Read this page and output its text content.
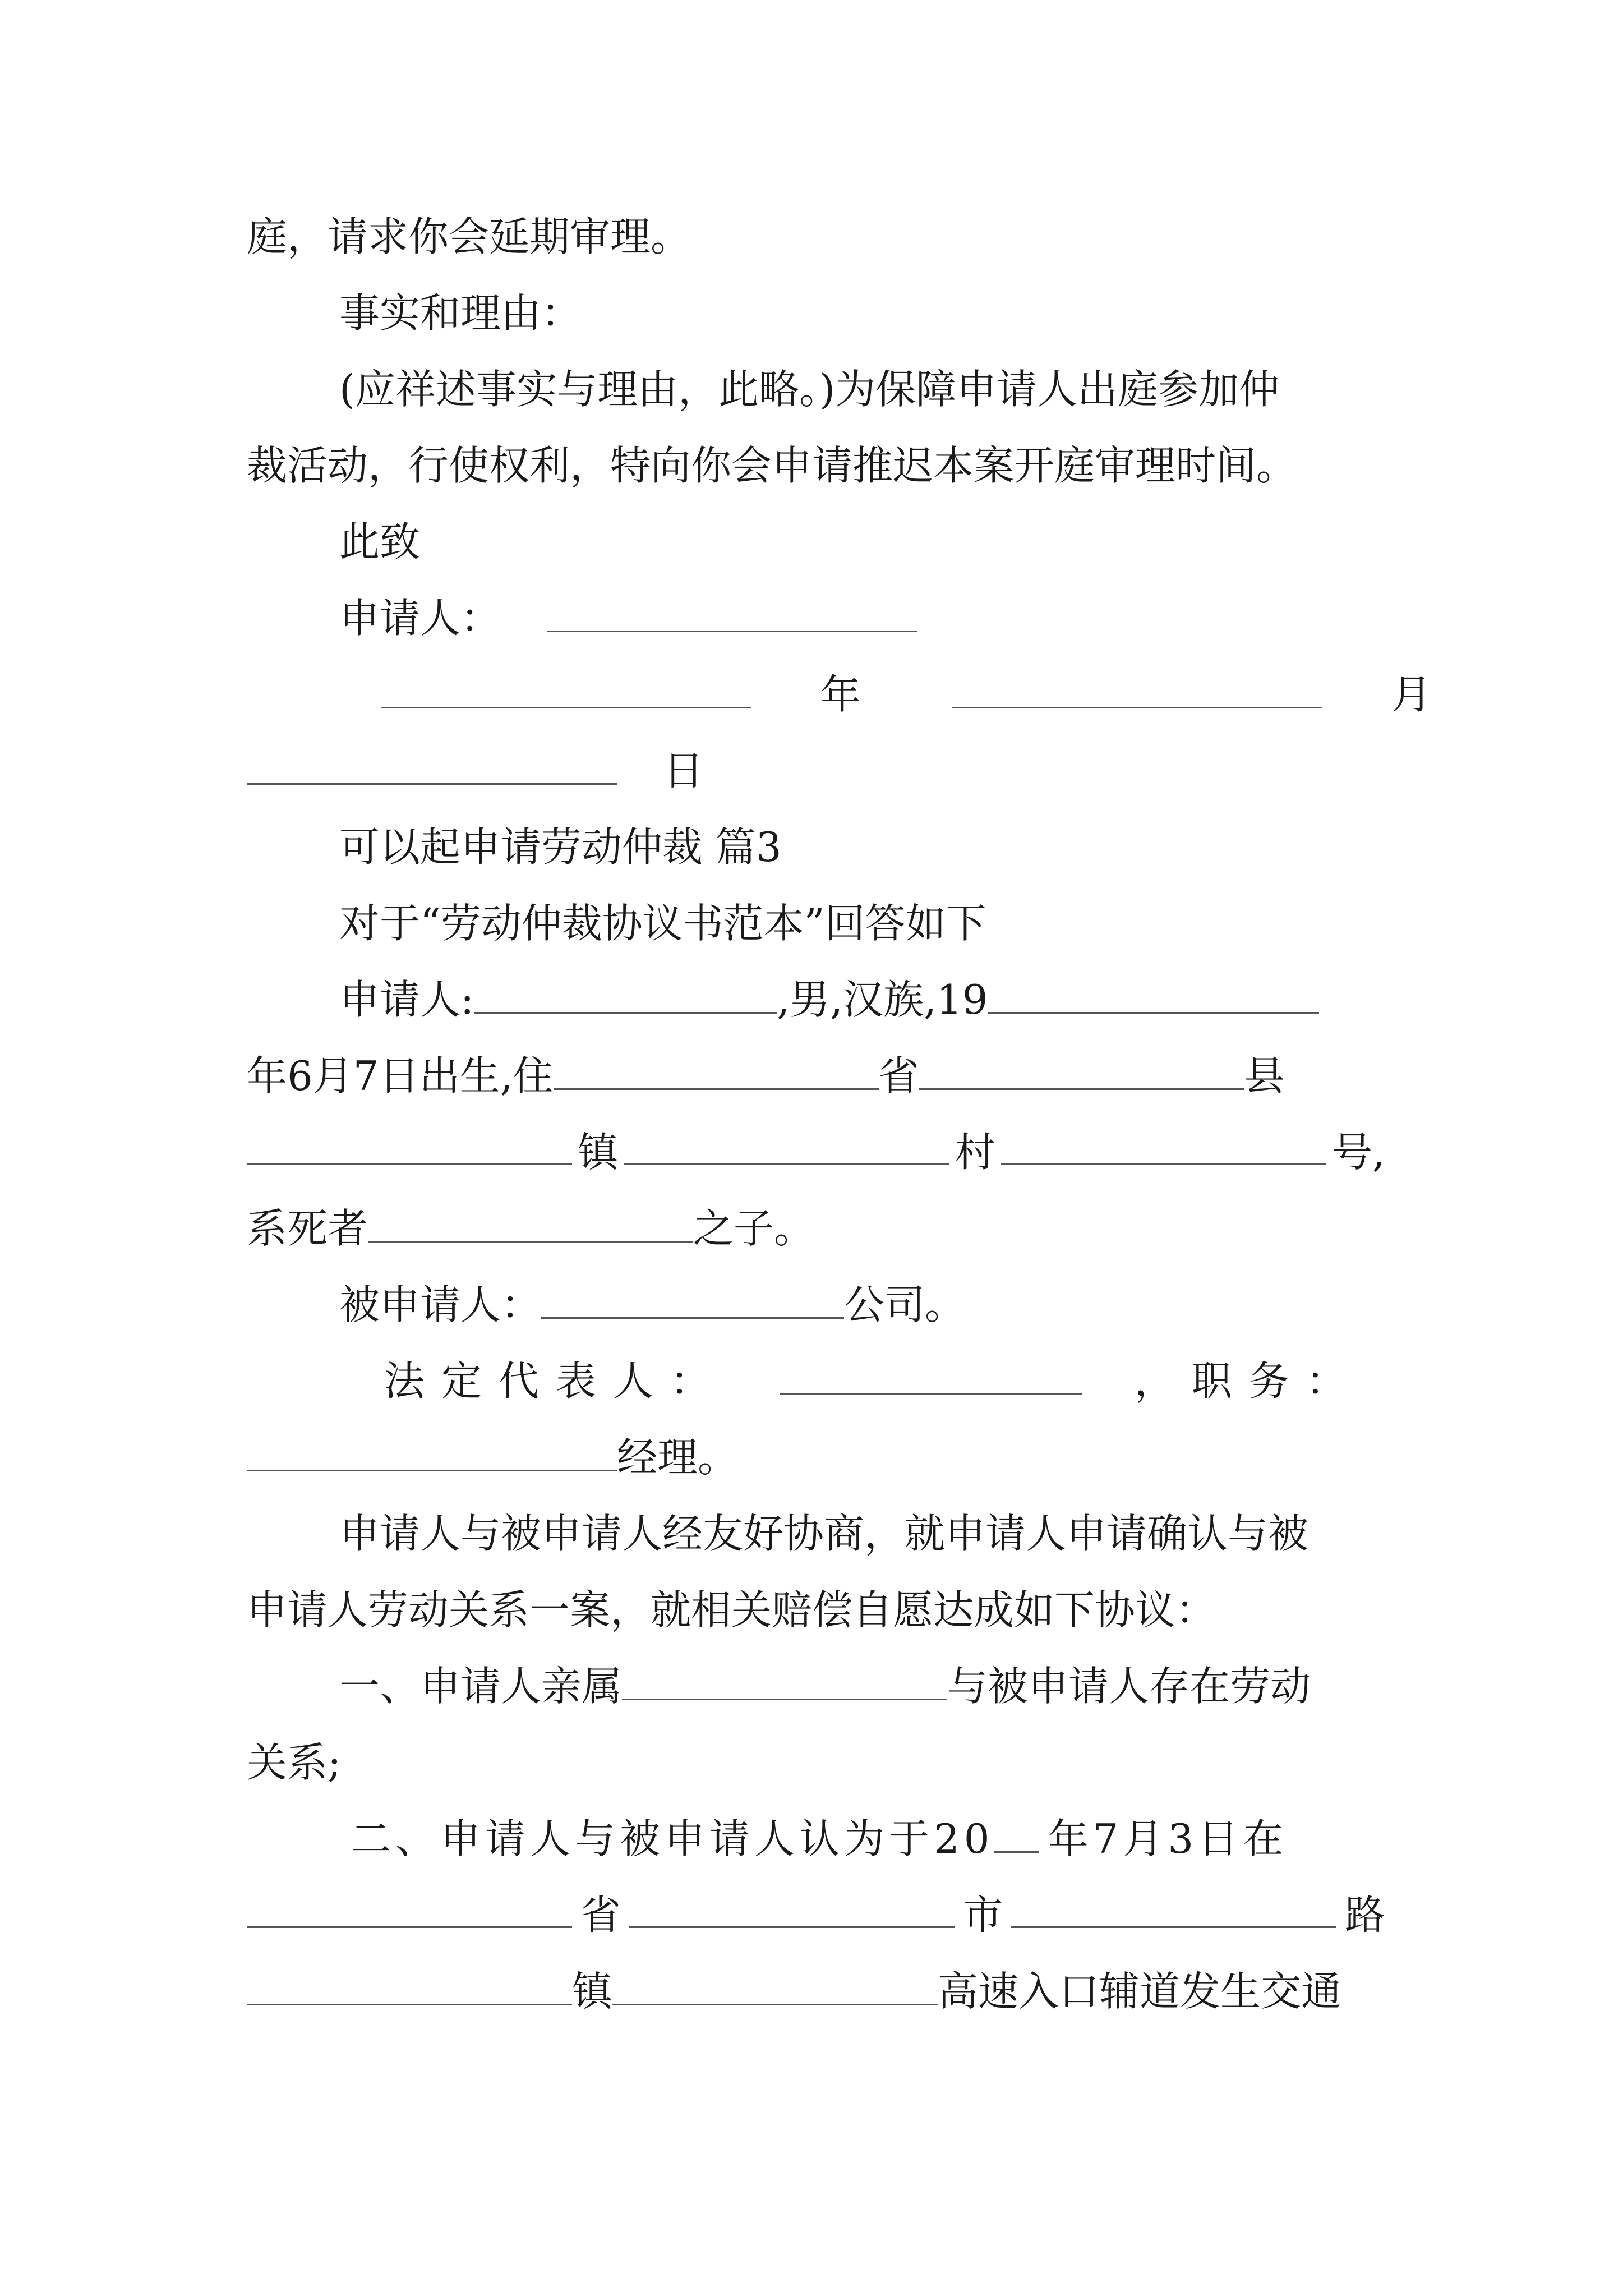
庭，请求你会延期审理。
事实和理由：
(应祥述事实与理由，此略。)为保障申请人出庭参加仲
裁活动，行使权利，特向你会申请推迟本案开庭审理时间。
此致
申请人：
年	月
日
可以起申请劳动仲裁 篇3
对于“劳动仲裁协议书范本”回答如下
申请人:	,男,汉族,19
年6月7日出生,住	省	县
镇	村	号,
系死者	之子。
被申请人：	公司。
法定代表人：	，职务：
经理。
申请人与被申请人经友好协商，就申请人申请确认与被
申请人劳动关系一案，就相关赔偿自愿达成如下协议：
一、申请人亲属	与被申请人存在劳动
关系;
二、申请人与被申请人认为于20 年7月3日在
省	市	路
镇	高速入口辅道发生交通
